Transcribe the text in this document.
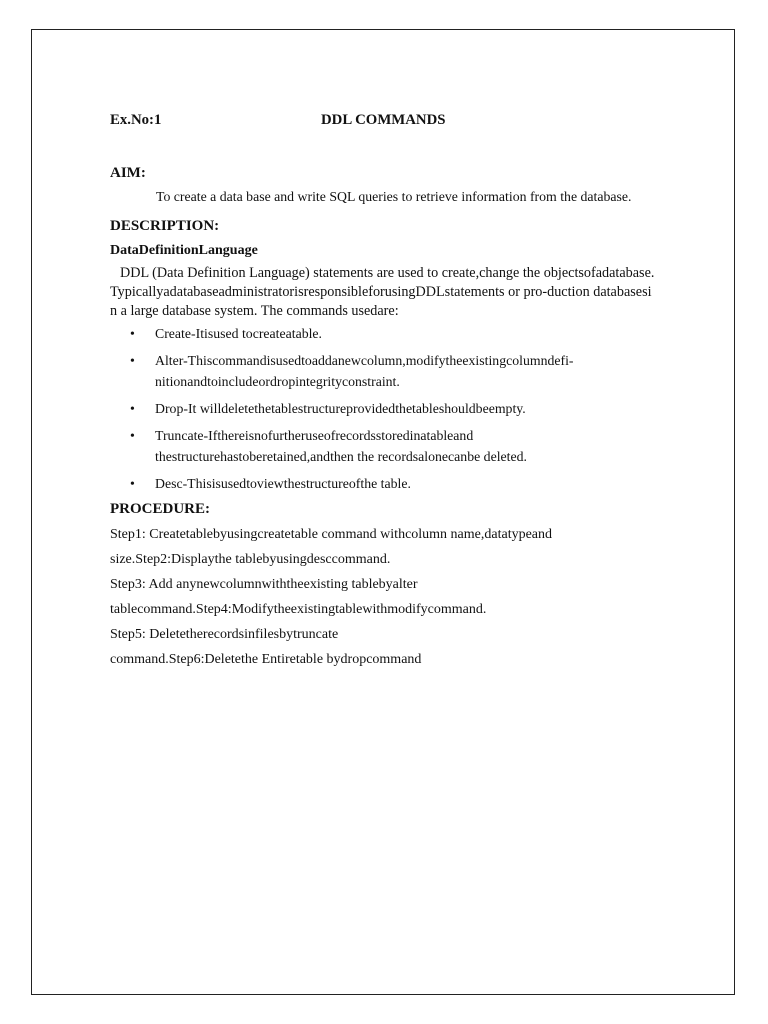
Ex.No:1	DDL COMMANDS
AIM:
To create a data base and write SQL queries to retrieve information from the database.
DESCRIPTION:
DataDefinitionLanguage
DDL (Data Definition Language) statements are used to create,change the objectsofadatabase.TypicallyadatabaseadministratorisresponsibleforusingDDLstatements or pro-duction databasesin a large database system. The commands usedare:
• Create-Itisused tocreateatable.
• Alter-Thiscommandisusedtoaddanewcolumn,modifytheexistingcolumndefi-nitionandtoincludeordropintegrityconstraint.
• Drop-It willdeletethetablestructureprovidedthetableshouldbeempty.
• Truncate-Ifthereisnofurtheruseofrecordsstoredinatableand thestructurehastoberetained,andthen the recordsalonecanbe deleted.
• Desc-Thisisusedtoviewthestructureofthe table.
PROCEDURE:
Step1: Createtablebyusingcreatetable command withcolumn name,datatypeand
size.Step2:Displaythe tablebyusingdesccommand.
Step3: Add anynewcolumnwiththeexisting tablebyalter
tablecommand.Step4:Modifytheexistingtablewithmodifycommand.
Step5: Deletetherecordsinfilesbytruncate
command.Step6:Deletethe Entiretable bydropcommand
